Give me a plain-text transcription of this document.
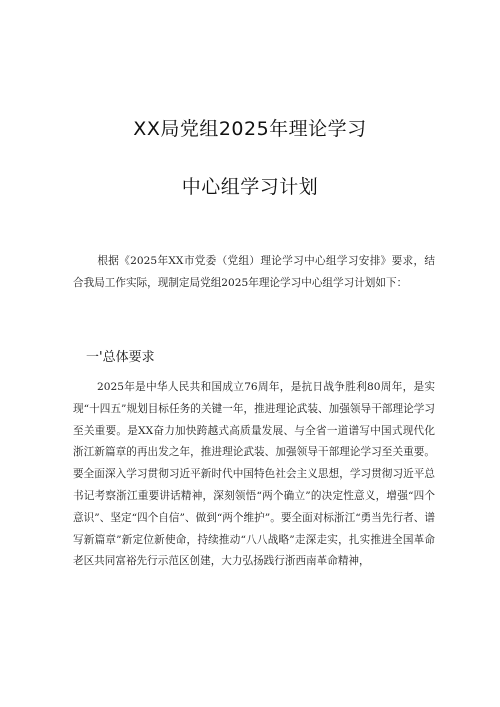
XX局党组2025年理论学习
中心组学习计划
根据《2025年XX市党委（党组）理论学习中心组学习安排》要求，结合我局工作实际，现制定局党组2025年理论学习中心组学习计划如下：
一'总体要求
2025年是中华人民共和国成立76周年，是抗日战争胜利80周年，是实现“十四五”规划目标任务的关键一年，推进理论武装、加强领导干部理论学习至关重要。是XX奋力加快跨越式高质量发展、与全省一道谱写中国式现代化浙江新篇章的再出发之年，推进理论武装、加强领导干部理论学习至关重要。要全面深入学习贯彻习近平新时代中国特色社会主义思想，学习贯彻习近平总书记考察浙江重要讲话精神，深刻领悟“两个确立”的决定性意义，增强“四个意识”、坚定“四个自信”、做到“两个维护”。要全面对标浙江“勇当先行者、谱写新篇章”新定位新使命，持续推动“八八战略”走深走实，扎实推进全国革命老区共同富裕先行示范区创建，大力弘扬践行浙西南革命精神，
